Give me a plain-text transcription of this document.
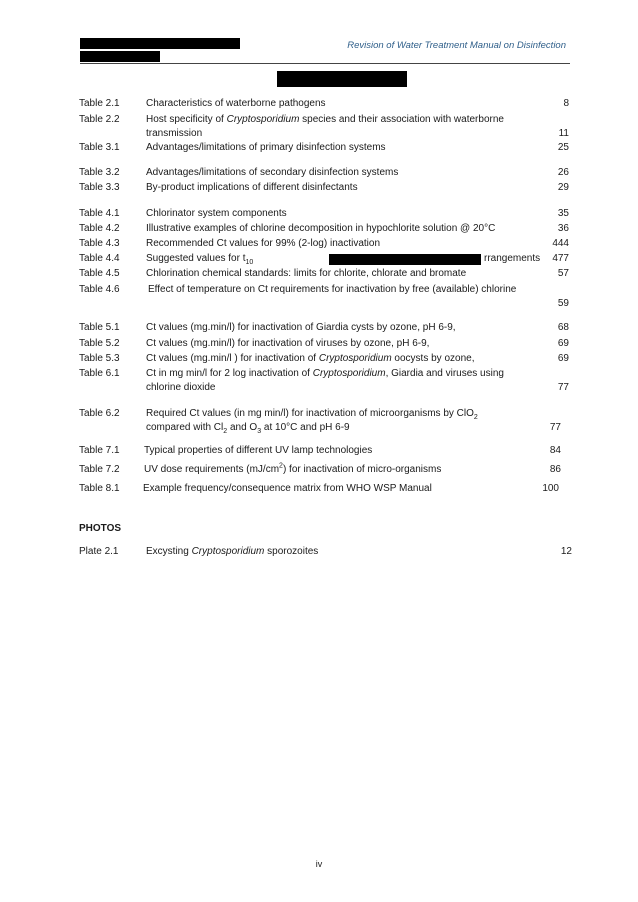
Revision of Water Treatment Manual on Disinfection
Table 2.1	Characteristics of waterborne pathogens	8
Table 2.2	Host specificity of Cryptosporidium species and their association with waterborne transmission	11
Table 3.1	Advantages/limitations of primary disinfection systems	25
Table 3.2	Advantages/limitations of secondary disinfection systems	26
Table 3.3	By-product implications of different disinfectants	29
Table 4.1	Chlorinator system components	35
Table 4.2	Illustrative examples of chlorine decomposition in hypochlorite solution @ 20°C	36
Table 4.3	Recommended Ct values for 99% (2-log) inactivation	444
Table 4.4	Suggested values for $t_{10}$	rrangements 477
Table 4.5	Chlorination chemical standards: limits for chlorite, chlorate and bromate	57
Table 4.6	Effect of temperature on Ct requirements for inactivation by free (available) chlorine
59
Table 5.1	Ct values (mg.min/l) for inactivation of Giardia cysts by ozone, pH 6-9,	68
Table 5.2	Ct values (mg.min/l) for inactivation of viruses by ozone, pH 6-9,	69
Table 5.3	Ct values (mg.min/l ) for inactivation of Cryptosporidium oocysts by ozone,	69
Table 6.1	Ct in mg min/l for 2 log inactivation of Cryptosporidium, Giardia and viruses using chlorine dioxide	77
Table 6.2	Required Ct values (in mg min/l) for inactivation of microorganisms by ClO$_2$
compared with $Cl_2$ and $O_3$ at 10°C and pH 6-9	77
Table 7.1 Typical properties of different UV lamp technologies	84
Table 7.2 UV dose requirements $(mJ/cm^2)$ for inactivation of micro-organisms	86
Table 8.1 Example frequency/consequence matrix from WHO WSP Manual	100
PHOTOS
Plate 2.1	Excysting Cryptosporidium sporozoites	12
iv
